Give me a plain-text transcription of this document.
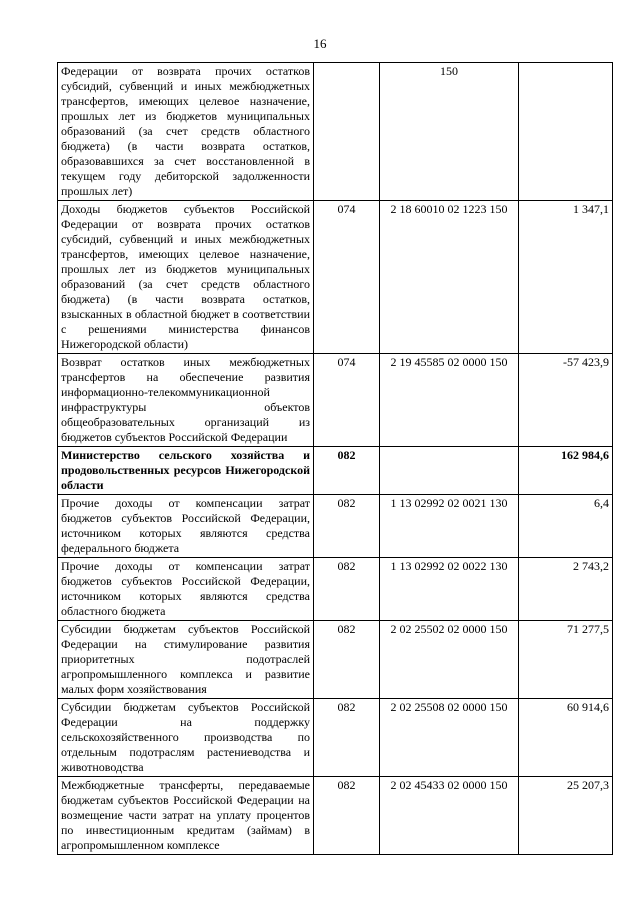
16
Федерации от возврата прочих остатков субсидий, субвенций и иных межбюджетных трансфертов, имеющих целевое назначение, прошлых лет из бюджетов муниципальных образований (за счет средств областного бюджета) (в части возврата остатков, образовавшихся за счет восстановленной в текущем году дебиторской задолженности прошлых лет)		150	
Доходы бюджетов субъектов Российской Федерации от возврата прочих остатков субсидий, субвенций и иных межбюджетных трансфертов, имеющих целевое назначение, прошлых лет из бюджетов муниципальных образований (за счет средств областного бюджета) (в части возврата остатков, взысканных в областной бюджет в соответствии с решениями министерства финансов Нижегородской области)	074	2 18 60010 02 1223 150	1 347,1
Возврат остатков иных межбюджетных трансфертов на обеспечение развития информационно-телекоммуникационной инфраструктуры объектов общеобразовательных организаций из бюджетов субъектов Российской Федерации	074	2 19 45585 02 0000 150	-57 423,9
Министерство сельского хозяйства и продовольственных ресурсов Нижегородской области	082		162 984,6
Прочие доходы от компенсации затрат бюджетов субъектов Российской Федерации, источником которых являются средства федерального бюджета	082	1 13 02992 02 0021 130	6,4
Прочие доходы от компенсации затрат бюджетов субъектов Российской Федерации, источником которых являются средства областного бюджета	082	1 13 02992 02 0022 130	2 743,2
Субсидии бюджетам субъектов Российской Федерации на стимулирование развития приоритетных подотраслей агропромышленного комплекса и развитие малых форм хозяйствования	082	2 02 25502 02 0000 150	71 277,5
Субсидии бюджетам субъектов Российской Федерации на поддержку сельскохозяйственного производства по отдельным подотраслям растениеводства и животноводства	082	2 02 25508 02 0000 150	60 914,6
Межбюджетные трансферты, передаваемые бюджетам субъектов Российской Федерации на возмещение части затрат на уплату процентов по инвестиционным кредитам (займам) в агропромышленном комплексе	082	2 02 45433 02 0000 150	25 207,3
